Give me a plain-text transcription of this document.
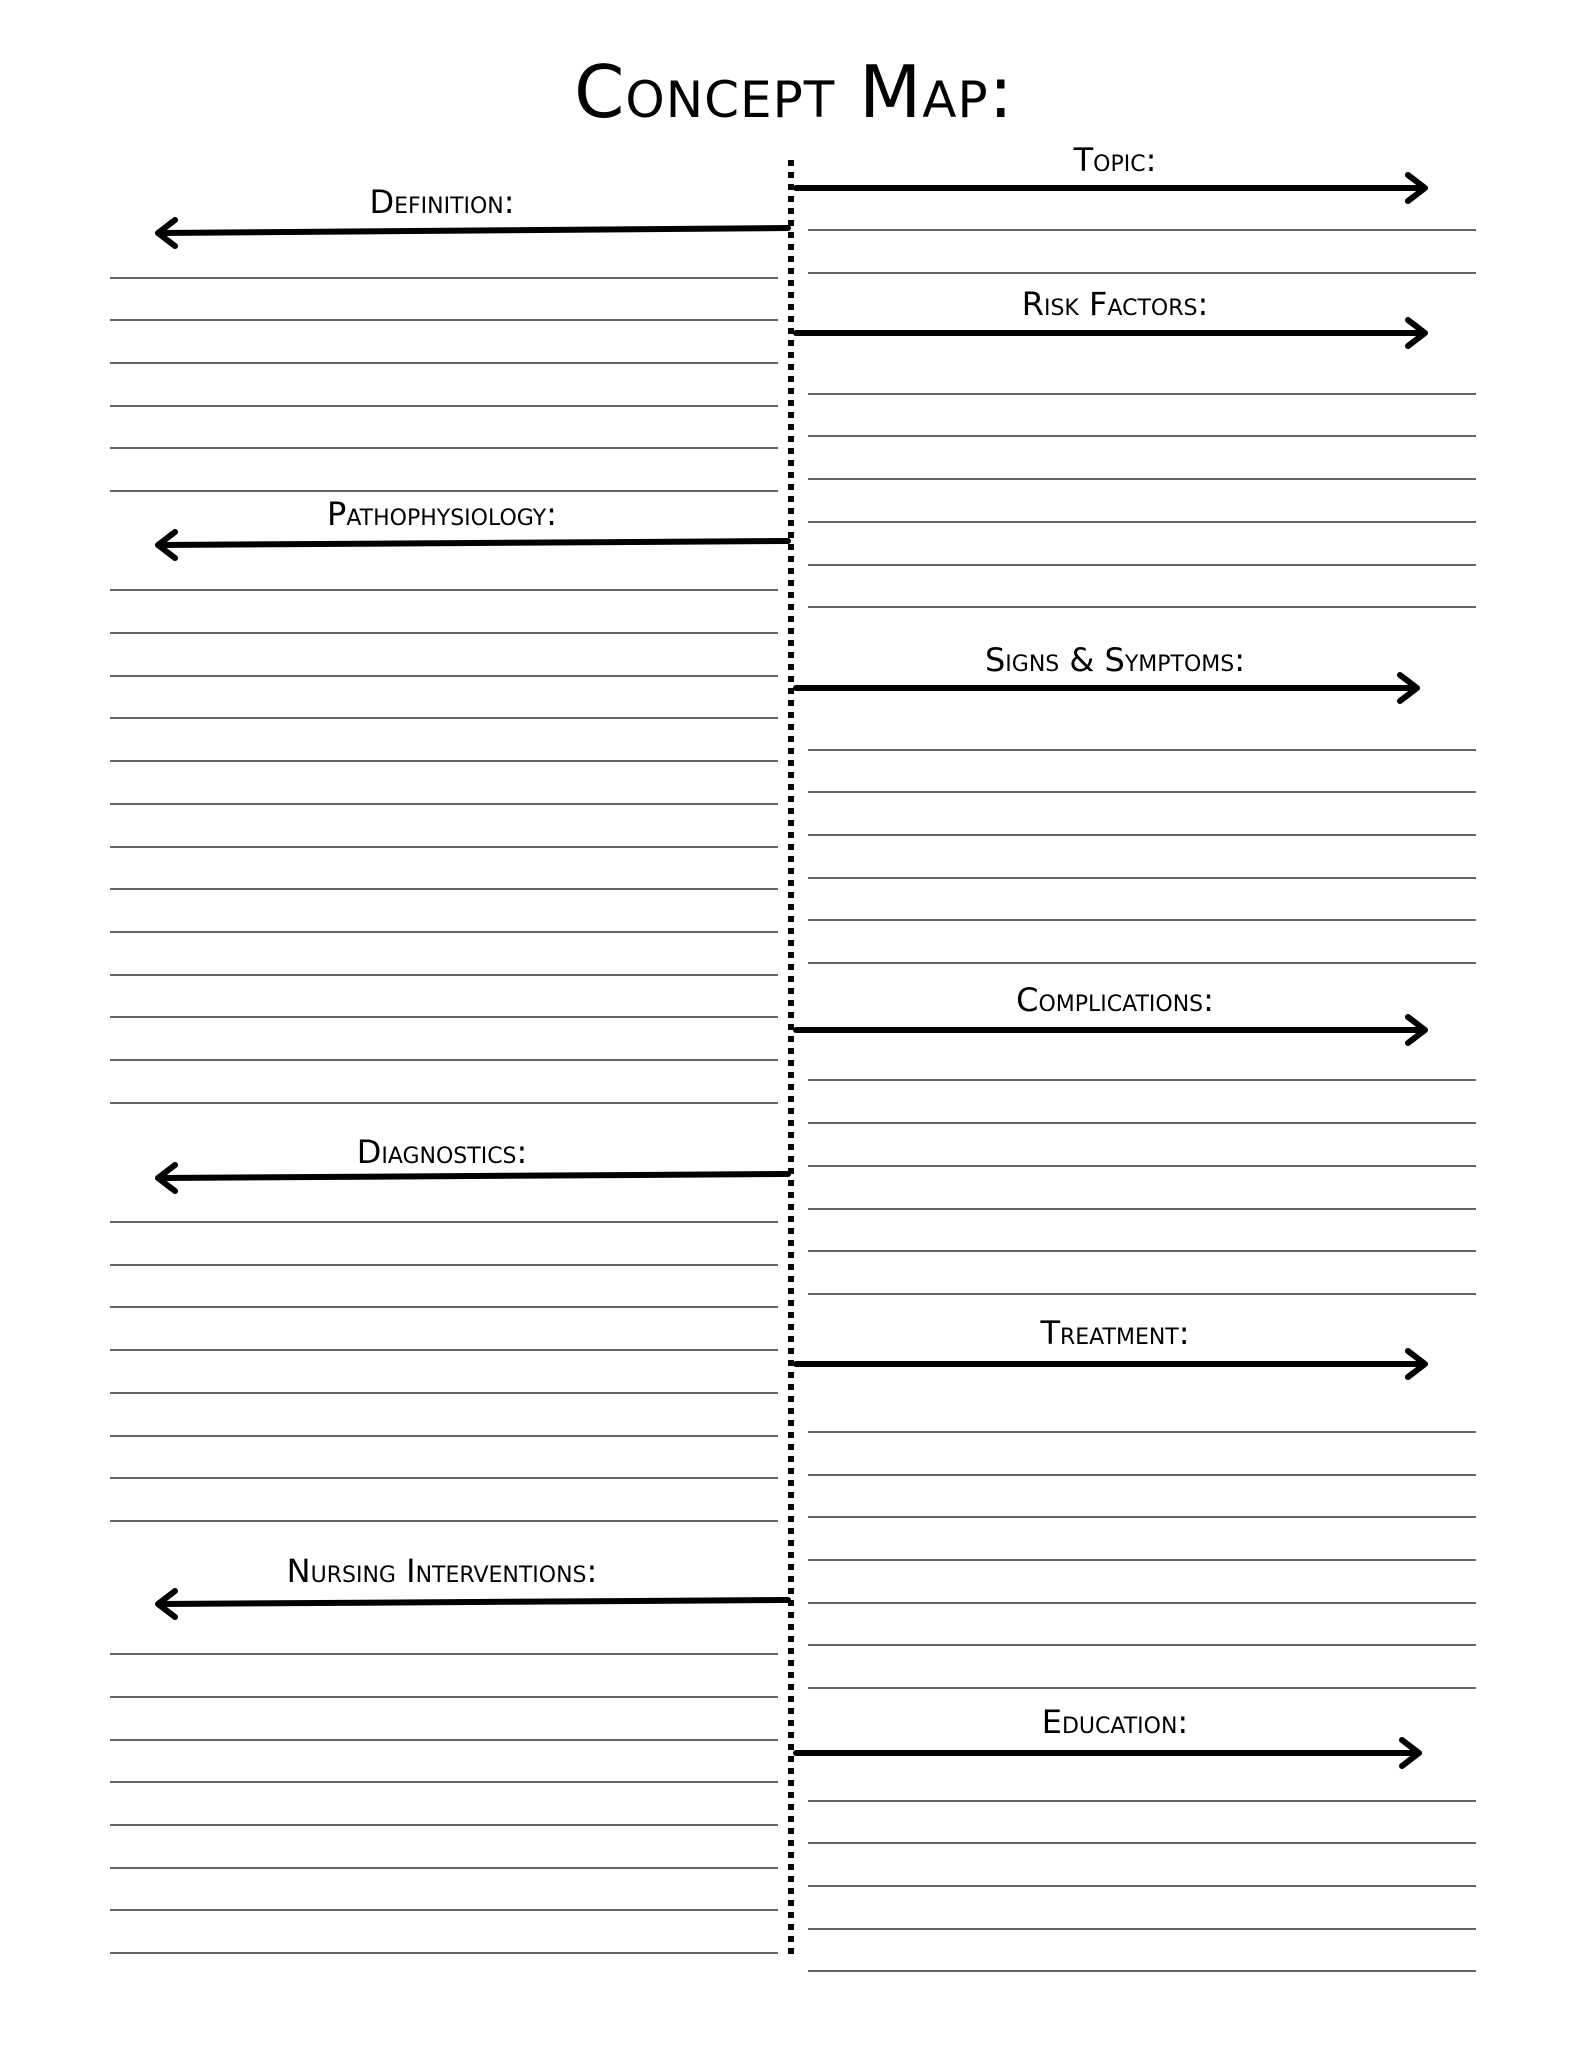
Concept Map:
Definition:
Pathophysiology:
Diagnostics:
Nursing Interventions:
Topic:
Risk Factors:
Signs & Symptoms:
Complications:
Treatment:
Education:
